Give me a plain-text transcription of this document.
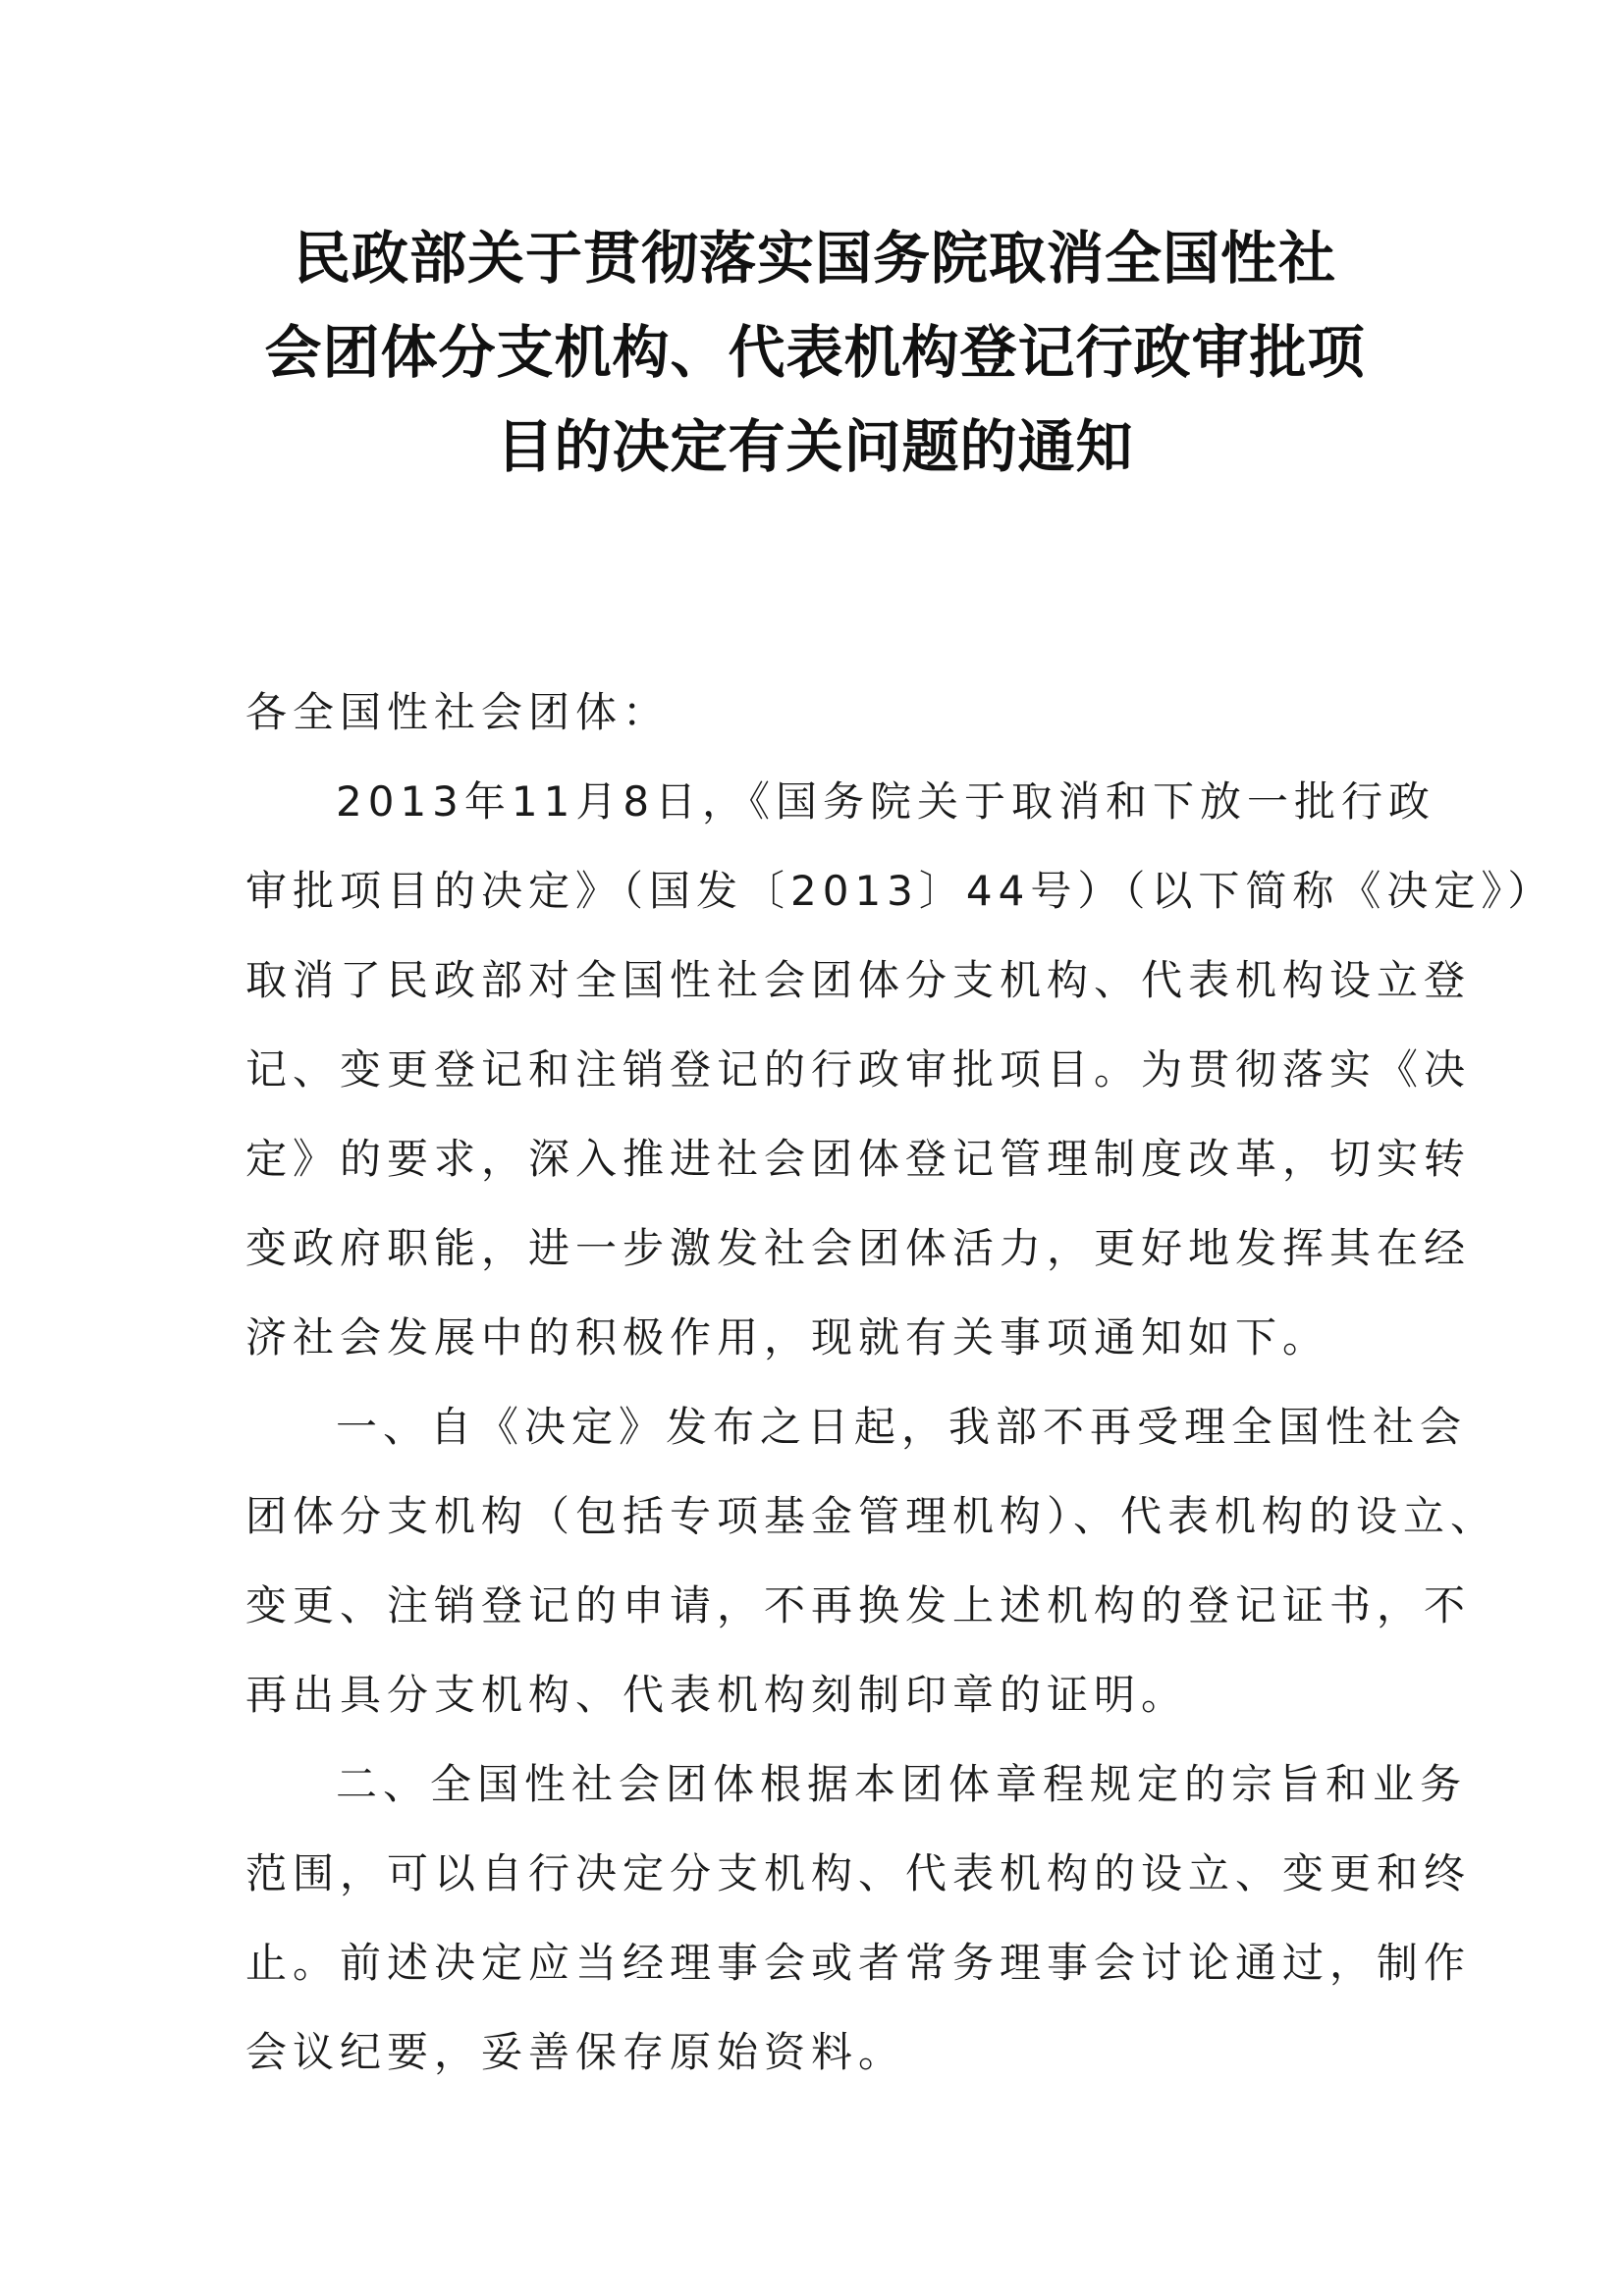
民政部关于贯彻落实国务院取消全国性社
会团体分支机构、代表机构登记行政审批项
目的决定有关问题的通知
各全国性社会团体：
2013年11月8日，《国务院关于取消和下放一批行政
审批项目的决定》（国发〔2013〕44号）（以下简称《决定》）
取消了民政部对全国性社会团体分支机构、代表机构设立登
记、变更登记和注销登记的行政审批项目。为贯彻落实《决
定》的要求，深入推进社会团体登记管理制度改革，切实转
变政府职能，进一步激发社会团体活力，更好地发挥其在经
济社会发展中的积极作用，现就有关事项通知如下。
一、自《决定》发布之日起，我部不再受理全国性社会
团体分支机构（包括专项基金管理机构）、代表机构的设立、
变更、注销登记的申请，不再换发上述机构的登记证书，不
再出具分支机构、代表机构刻制印章的证明。
二、全国性社会团体根据本团体章程规定的宗旨和业务
范围，可以自行决定分支机构、代表机构的设立、变更和终
止。前述决定应当经理事会或者常务理事会讨论通过，制作
会议纪要，妥善保存原始资料。
